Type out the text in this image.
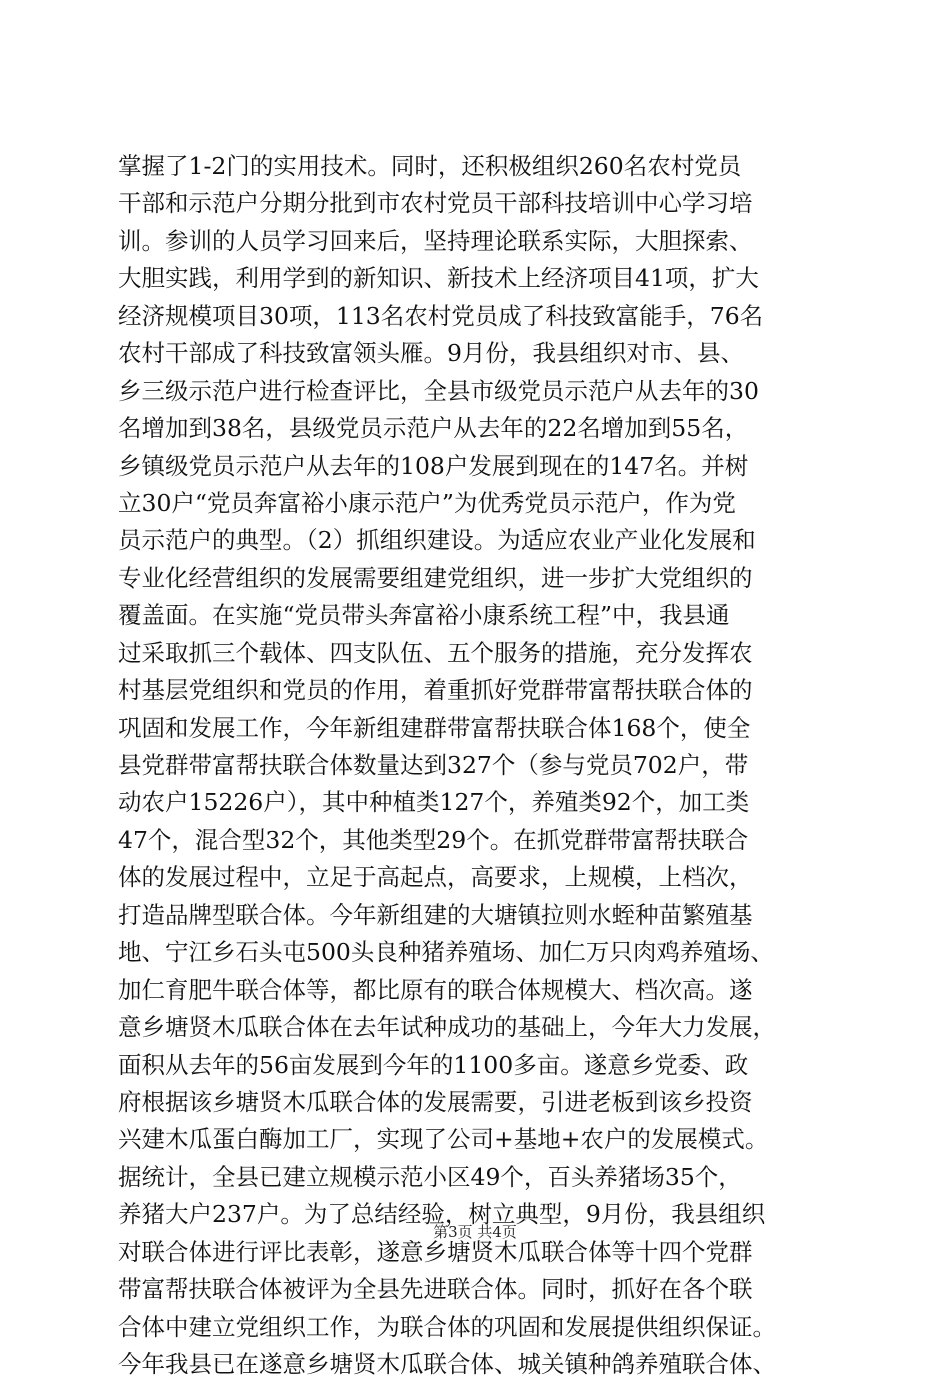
掌握了1-2门的实用技术。同时，还积极组织260名农村党员
干部和示范户分期分批到市农村党员干部科技培训中心学习培
训。参训的人员学习回来后，坚持理论联系实际，大胆探索、
大胆实践，利用学到的新知识、新技术上经济项目41项，扩大
经济规模项目30项，113名农村党员成了科技致富能手，76名
农村干部成了科技致富领头雁。9月份，我县组织对市、县、
乡三级示范户进行检查评比，全县市级党员示范户从去年的30
名增加到38名，县级党员示范户从去年的22名增加到55名，
乡镇级党员示范户从去年的108户发展到现在的147名。并树
立30户“党员奔富裕小康示范户”为优秀党员示范户，作为党
员示范户的典型。（2）抓组织建设。为适应农业产业化发展和
专业化经营组织的发展需要组建党组织，进一步扩大党组织的
覆盖面。在实施“党员带头奔富裕小康系统工程”中，我县通
过采取抓三个载体、四支队伍、五个服务的措施，充分发挥农
村基层党组织和党员的作用，着重抓好党群带富帮扶联合体的
巩固和发展工作，今年新组建群带富帮扶联合体168个，使全
县党群带富帮扶联合体数量达到327个（参与党员702户，带
动农户15226户），其中种植类127个，养殖类92个，加工类
47个，混合型32个，其他类型29个。在抓党群带富帮扶联合
体的发展过程中，立足于高起点，高要求，上规模，上档次，
打造品牌型联合体。今年新组建的大塘镇拉则水蛭种苗繁殖基
地、宁江乡石头屯500头良种猪养殖场、加仁万只肉鸡养殖场、
加仁育肥牛联合体等，都比原有的联合体规模大、档次高。遂
意乡塘贤木瓜联合体在去年试种成功的基础上，今年大力发展，
面积从去年的56亩发展到今年的1100多亩。遂意乡党委、政
府根据该乡塘贤木瓜联合体的发展需要，引进老板到该乡投资
兴建木瓜蛋白酶加工厂，实现了公司+基地+农户的发展模式。
据统计，全县已建立规模示范小区49个，百头养猪场35个，
养猪大户237户。为了总结经验，树立典型，9月份，我县组织
对联合体进行评比表彰，遂意乡塘贤木瓜联合体等十四个党群
带富帮扶联合体被评为全县先进联合体。同时，抓好在各个联
合体中建立党组织工作，为联合体的巩固和发展提供组织保证。
今年我县已在遂意乡塘贤木瓜联合体、城关镇种鸽养殖联合体、
第3页 共4页
